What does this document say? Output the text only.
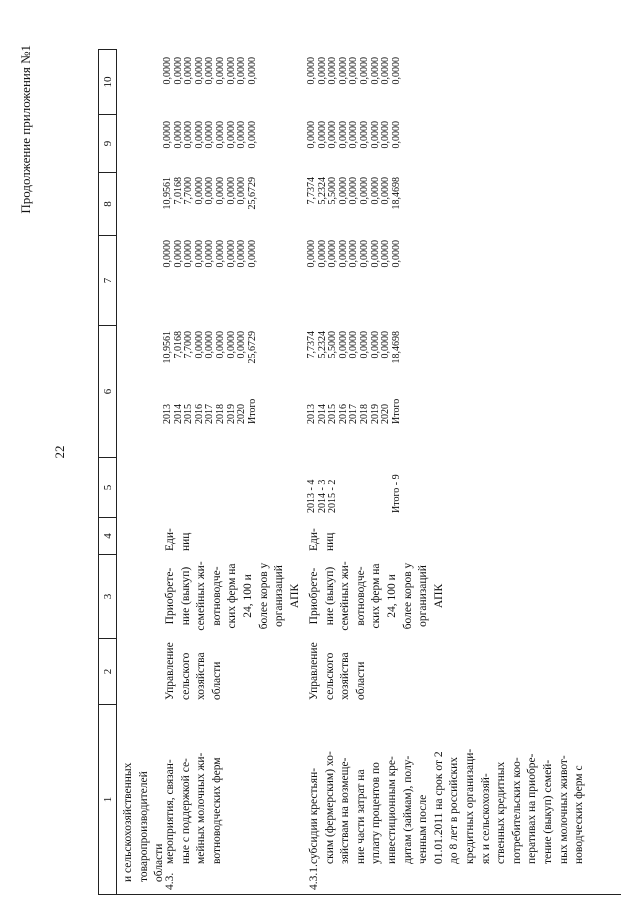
22
Продолжение приложения №1
1
2
3
4
5
6
7
8
9
10
и сельскохозяйственных товаропроизводителей области
4.3.
мероприятия, связан- ные с поддержкой се- мейных молочных жи- вотноводческих ферм
Управление сельского хозяйства области
Приобрете- ние (выкуп) семейных жи- вотноводче- ских ферм на 24, 100 и более коров у организаций АПК
Еди- ниц
2013 2014 2015 2016 2017 2018 2019 2020 Итого
10,9561 7,0168 7,7000 0,0000 0,0000 0,0000 0,0000 0,0000 25,6729
0,0000 0,0000 0,0000 0,0000 0,0000 0,0000 0,0000 0,0000 0,0000
10,9561 7,0168 7,7000 0,0000 0,0000 0,0000 0,0000 0,0000 25,6729
0,0000 0,0000 0,0000 0,0000 0,0000 0,0000 0,0000 0,0000 0,0000
0,0000 0,0000 0,0000 0,0000 0,0000 0,0000 0,0000 0,0000 0,0000
4.3.1.
субсидии крестьян- ским (фермерским) хо- зяйствам на возмеще- ние части затрат на уплату процентов по инвестиционным кре- дитам (займам), полу- ченным после 01.01.2011 на срок от 2 до 8 лет в российских кредитных организаци- ях и сельскохозяй- ственных кредитных потребительских коо- перативах на приобре- тение (выкуп) семей- ных молочных живот- новодческих ферм с
Управление сельского хозяйства области
Приобрете- ние (выкуп) семейных жи- вотноводче- ских ферм на 24, 100 и более коров у организаций АПК
Еди- ниц
2013 - 4 2014 - 3 2015 - 2	Итого - 9
2013 2014 2015 2016 2017 2018 2019 2020 Итого
7,7374 5,2324 5,5000 0,0000 0,0000 0,0000 0,0000 0,0000 18,4698
0,0000 0,0000 0,0000 0,0000 0,0000 0,0000 0,0000 0,0000 0,0000
7,7374 5,2324 5,5000 0,0000 0,0000 0,0000 0,0000 0,0000 18,4698
0,0000 0,0000 0,0000 0,0000 0,0000 0,0000 0,0000 0,0000 0,0000
0,0000 0,0000 0,0000 0,0000 0,0000 0,0000 0,0000 0,0000 0,0000
